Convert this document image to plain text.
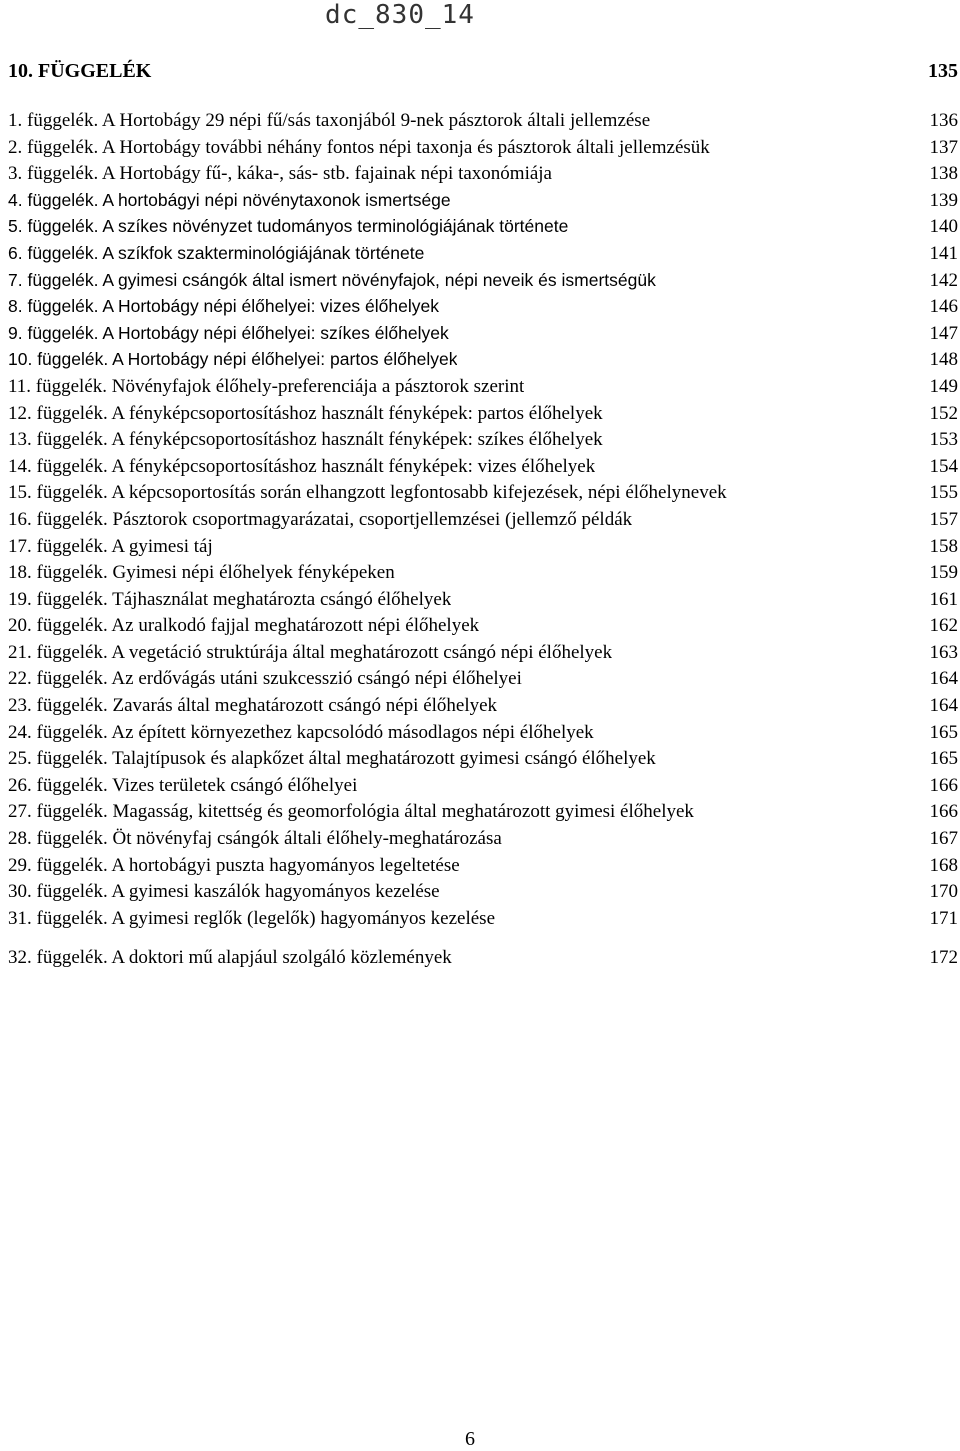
dc_830_14
10. FÜGGELÉK	135
1. függelék. A Hortobágy 29 népi fű/sás taxonjából 9-nek pásztorok általi jellemzése	136
2. függelék. A Hortobágy további néhány fontos népi taxonja és pásztorok általi jellemzésük	137
3. függelék. A Hortobágy fű-, káka-, sás- stb. fajainak népi taxonómiája	138
4. függelék. A hortobágyi népi növénytaxonok ismertsége	139
5. függelék. A szíkes növényzet tudományos terminológiájának története	140
6. függelék. A szíkfok szakterminológiájának története	141
7. függelék. A gyimesi csángók által ismert növényfajok, népi neveik és ismertségük	142
8. függelék. A Hortobágy népi élőhelyei: vizes élőhelyek	146
9. függelék. A Hortobágy népi élőhelyei: szíkes élőhelyek	147
10. függelék. A Hortobágy népi élőhelyei: partos élőhelyek	148
11. függelék. Növényfajok élőhely-preferenciája a pásztorok szerint	149
12. függelék. A fényképcsoportosításhoz használt fényképek: partos élőhelyek	152
13. függelék. A fényképcsoportosításhoz használt fényképek: szíkes élőhelyek	153
14. függelék. A fényképcsoportosításhoz használt fényképek: vizes élőhelyek	154
15. függelék. A képcsoportosítás során elhangzott legfontosabb kifejezések, népi élőhelynevek	155
16. függelék. Pásztorok csoportmagyarázatai, csoportjellemzései (jellemző példák	157
17. függelék. A gyimesi táj	158
18. függelék. Gyimesi népi élőhelyek fényképeken	159
19. függelék. Tájhasználat meghatározta csángó élőhelyek	161
20. függelék. Az uralkodó fajjal meghatározott népi élőhelyek	162
21. függelék. A vegetáció struktúrája által meghatározott csángó népi élőhelyek	163
22. függelék. Az erdővágás utáni szukcesszió csángó népi élőhelyei	164
23. függelék. Zavarás által meghatározott csángó népi élőhelyek	164
24. függelék. Az épített környezethez kapcsolódó másodlagos népi élőhelyek	165
25. függelék. Talajtípusok és alapkőzet által meghatározott gyimesi csángó élőhelyek	165
26. függelék. Vizes területek csángó élőhelyei	166
27. függelék. Magasság, kitettség és geomorfológia által meghatározott gyimesi élőhelyek	166
28. függelék. Öt növényfaj csángók általi élőhely-meghatározása	167
29. függelék. A hortobágyi puszta hagyományos legeltetése	168
30. függelék. A gyimesi kaszálók hagyományos kezelése	170
31. függelék. A gyimesi reglők (legelők) hagyományos kezelése	171
32. függelék. A doktori mű alapjául szolgáló közlemények	172
6
